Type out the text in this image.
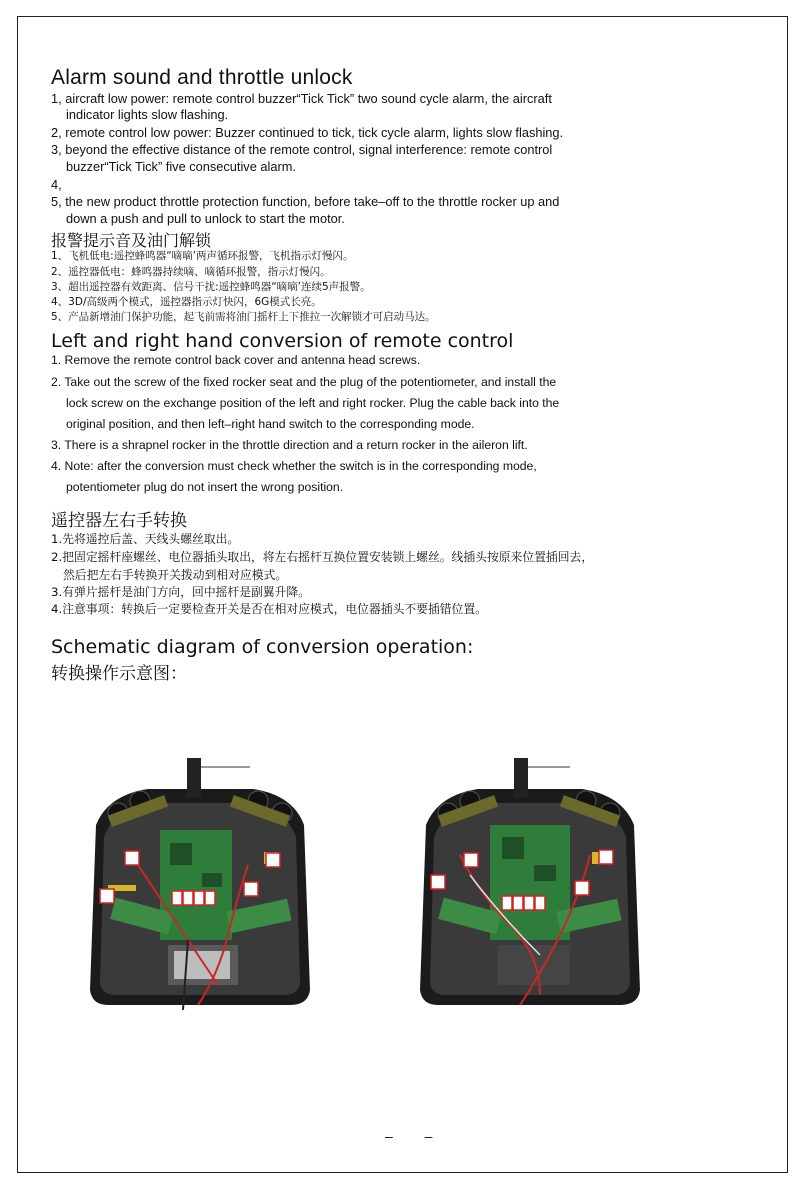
Alarm sound and throttle unlock
1, aircraft low power: remote control buzzer“Tick Tick” two sound cycle alarm, the aircraft
indicator lights slow flashing.
2, remote control low power: Buzzer continued to tick, tick cycle alarm, lights slow flashing.
3, beyond the effective distance of the remote control, signal interference: remote control
buzzer“Tick Tick” five consecutive alarm.
4,
5, the new product throttle protection function, before take–off to the throttle rocker up and
down a push and pull to unlock to start the motor.
报警提示音及油门解锁
1、飞机低电:遥控蜂鸣器“嘀嘀’两声循环报警，飞机指示灯慢闪。
2、遥控器低电：蜂鸣器持续嘀、嘀循环报警，指示灯慢闪。
3、超出遥控器有效距离、信号干扰:遥控蜂鸣器“嘀嘀’连续5声报警。
4、3D/高级两个模式，遥控器指示灯快闪，6G模式长亮。
5、产品新增油门保护功能，起飞前需将油门摇杆上下推拉一次解锁才可启动马达。
Left and right hand conversion of remote control
1. Remove the remote control back cover and antenna head screws.
2. Take out the screw of the fixed rocker seat and the plug of the potentiometer, and install the
lock screw on the exchange position of the left and right rocker. Plug the cable back into the
original position, and then left–right hand switch to the corresponding mode.
3. There is a shrapnel rocker in the throttle direction and a return rocker in the aileron lift.
4. Note: after the conversion must check whether the switch is in the corresponding mode,
potentiometer plug do not insert the wrong position.
遥控器左右手转换
1.先将遥控后盖、天线头螺丝取出。
2.把固定摇杆座螺丝、电位器插头取出，将左右摇杆互换位置安装锁上螺丝。线插头按原来位置插回去，
然后把左右手转换开关拨动到相对应模式。
3.有弹片摇杆是油门方向，回中摇杆是副翼升降。
4.注意事项：转换后一定要检查开关是否在相对应模式，电位器插头不要插错位置。
Schematic diagram of conversion operation:
转换操作示意图：
– –
